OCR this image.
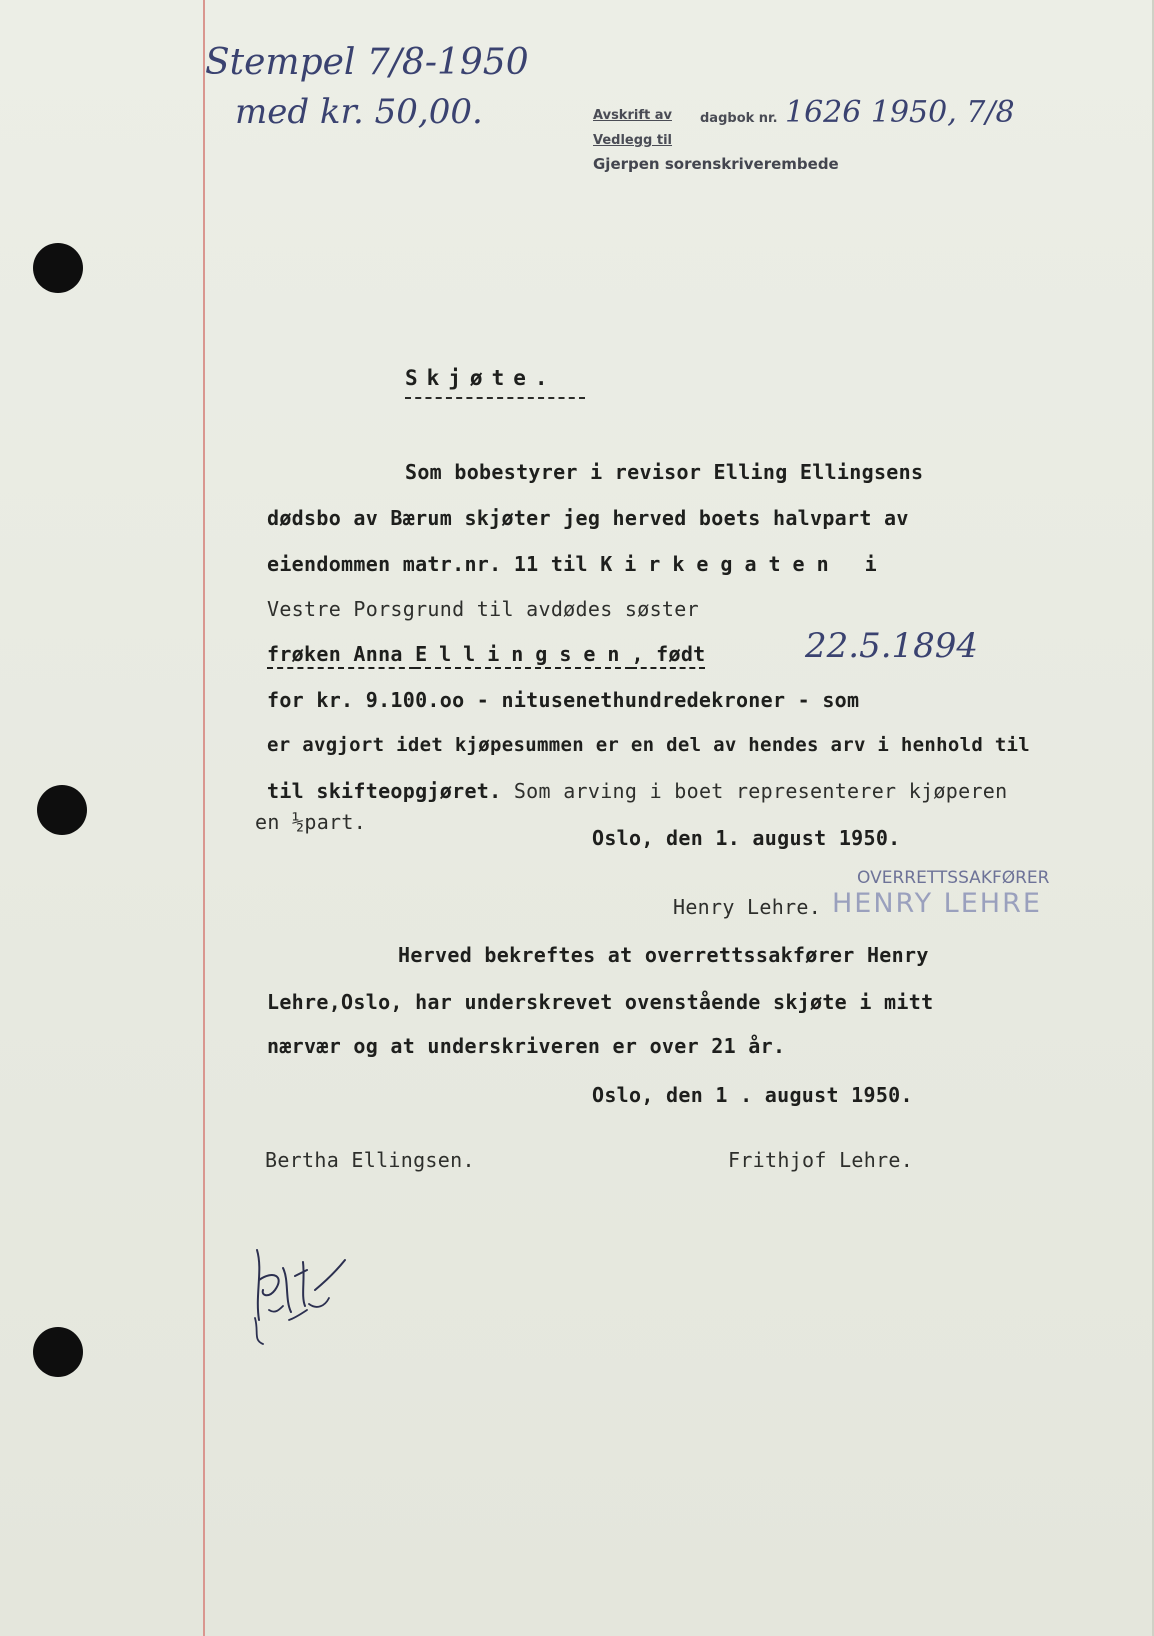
Stempel 7/8-1950
med kr. 50,00.	Avskrift av dagbok nr. 1626 1950, 7/8
Vedlegg til
Gjerpen sorenskriverembede
Skjøte.
Som bobestyrer i revisor Elling Ellingsens
dødsbo av Bærum skjøter jeg herved boets halvpart av
eiendommen matr.nr. 11 til Kirkegaten i
Vestre Porsgrund til avdødes søster
frøken Anna Ellingsen, født	22.5.1894
for kr. 9.100.oo - nitusenethundredekroner - som
er avgjort idet kjøpesummen er en del av hendes arv i henhold til
til skifteopgjøret. Som arving i boet representerer kjøperen
en ½part.
Oslo, den 1. august 1950.
OVERRETTSSAKFØRER
HENRY LEHRE
Henry Lehre.
Herved bekreftes at overrettssakfører Henry
Lehre,Oslo, har underskrevet ovenstående skjøte i mitt
nærvær og at underskriveren er over 21 år.
Oslo, den 1 . august 1950.
Bertha Ellingsen.	Frithjof Lehre.
